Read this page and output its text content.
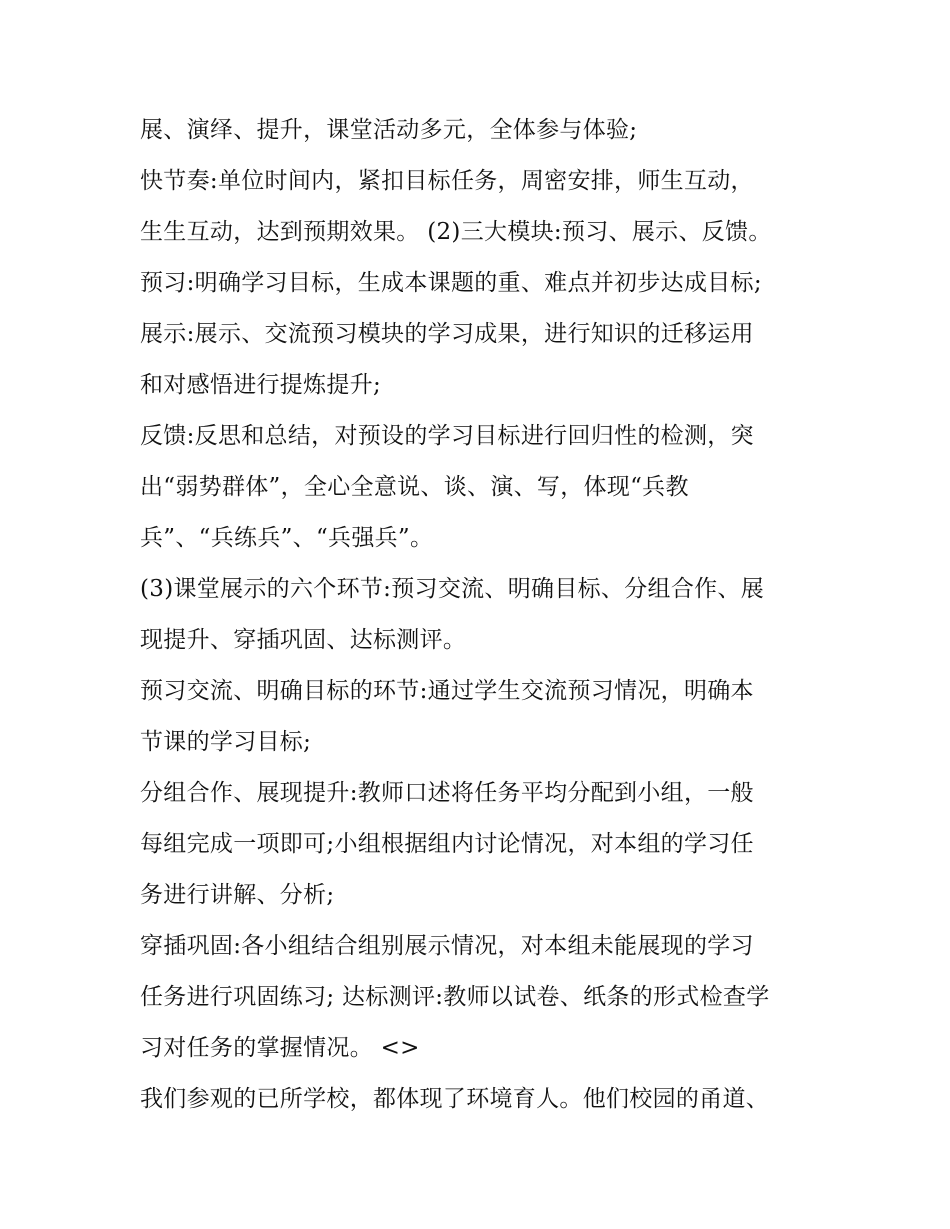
展、演绎、提升，课堂活动多元，全体参与体验;
快节奏:单位时间内，紧扣目标任务，周密安排，师生互动，
生生互动，达到预期效果。 (2)三大模块:预习、展示、反馈。
预习:明确学习目标，生成本课题的重、难点并初步达成目标;
展示:展示、交流预习模块的学习成果，进行知识的迁移运用
和对感悟进行提炼提升;
反馈:反思和总结，对预设的学习目标进行回归性的检测，突
出“弱势群体”，全心全意说、谈、演、写，体现“兵教
兵”、“兵练兵”、“兵强兵”。
(3)课堂展示的六个环节:预习交流、明确目标、分组合作、展
现提升、穿插巩固、达标测评。
预习交流、明确目标的环节:通过学生交流预习情况，明确本
节课的学习目标;
分组合作、展现提升:教师口述将任务平均分配到小组，一般
每组完成一项即可;小组根据组内讨论情况，对本组的学习任
务进行讲解、分析;
穿插巩固:各小组结合组别展示情况，对本组未能展现的学习
任务进行巩固练习; 达标测评:教师以试卷、纸条的形式检查学
习对任务的掌握情况。 <>
我们参观的已所学校，都体现了环境育人。他们校园的甬道、
